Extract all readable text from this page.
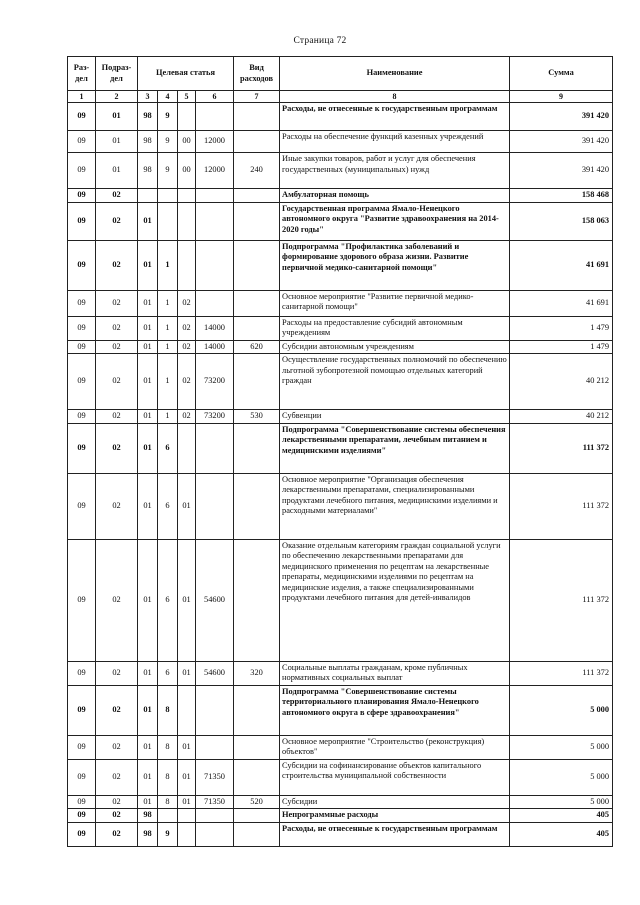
Страница 72
Раз-
дел	Подраз-
дел	Целевая статья				Вид
расходов	Наименование	Сумма
1	2	3	4	5	6	7	8	9
09	01	98	9				Расходы, не отнесенные к государственным программам	391 420
09	01	98	9	00	12000		Расходы на обеспечение функций казенных учреждений	391 420
09	01	98	9	00	12000	240	Иные закупки товаров, работ и услуг для обеспечения государственных (муниципальных) нужд	391 420
09	02						Амбулаторная помощь	158 468
09	02	01					Государственная программа Ямало-Ненецкого автономного округа "Развитие здравоохранения на 2014-2020 годы"	158 063
09	02	01	1				Подпрограмма "Профилактика заболеваний и формирование здорового образа жизни. Развитие первичной медико-санитарной помощи"	41 691
09	02	01	1	02			Основное мероприятие "Развитие первичной медико-санитарной помощи"	41 691
09	02	01	1	02	14000		Расходы на предоставление субсидий автономным учреждениям	1 479
09	02	01	1	02	14000	620	Субсидии автономным учреждениям	1 479
09	02	01	1	02	73200		Осуществление государственных полномочий по обеспечению льготной зубопротезной помощью отдельных категорий граждан	40 212
09	02	01	1	02	73200	530	Субвенции	40 212
09	02	01	6				Подпрограмма "Совершенствование системы обеспечения лекарственными препаратами, лечебным питанием и медицинскими изделиями"	111 372
09	02	01	6	01			Основное мероприятие "Организация обеспечения лекарственными препаратами, специализированными продуктами лечебного питания, медицинскими изделиями и расходными материалами"	111 372
09	02	01	6	01	54600		Оказание отдельным категориям граждан социальной услуги по обеспечению лекарственными препаратами для медицинского применения по рецептам на лекарственные препараты, медицинскими изделиями по рецептам на медицинские изделия, а также специализированными продуктами лечебного питания для детей-инвалидов	111 372
09	02	01	6	01	54600	320	Социальные выплаты гражданам, кроме публичных нормативных социальных выплат	111 372
09	02	01	8				Подпрограмма "Совершенствование системы территориального планирования Ямало-Ненецкого автономного округа в сфере здравоохранения"	5 000
09	02	01	8	01			Основное мероприятие "Строительство (реконструкция) объектов"	5 000
09	02	01	8	01	71350		Субсидии на софинансирование объектов капитального строительства муниципальной собственности	5 000
09	02	01	8	01	71350	520	Субсидии	5 000
09	02	98					Непрограммные расходы	405
09	02	98	9				Расходы, не отнесенные к государственным программам	405
